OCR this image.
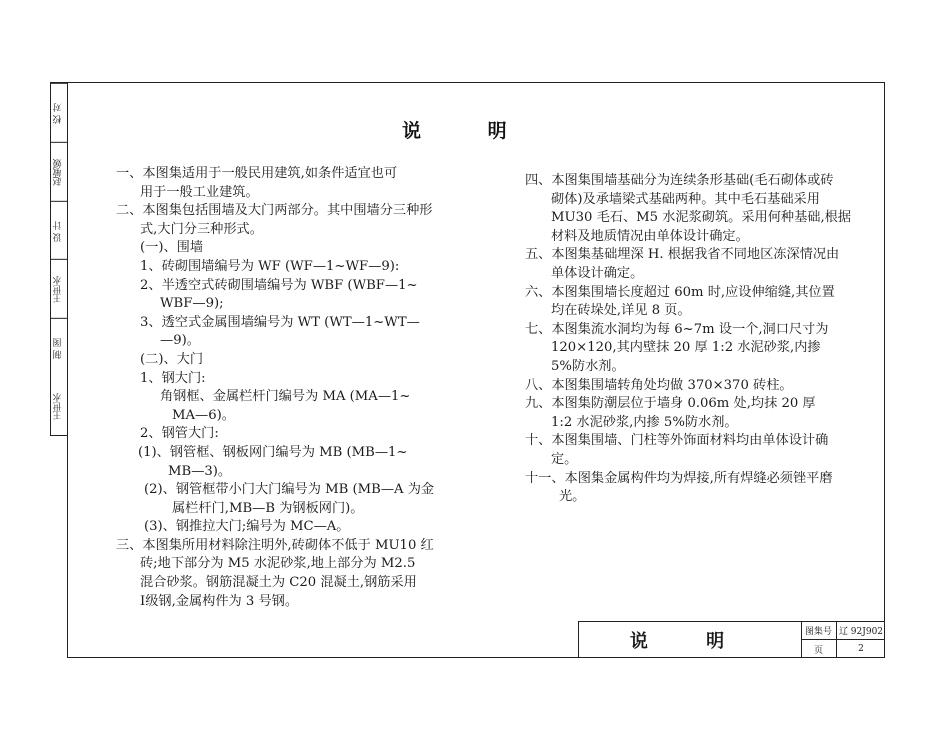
校 对
赵敏媛
设 计
王世水
制 图
王世水
说 明
一、本图集适用于一般民用建筑,如条件适宜也可
用于一般工业建筑。
二、本图集包括围墙及大门两部分。其中围墙分三种形
式,大门分三种形式。
(一)、围墙
1、砖砌围墙编号为 WF (WF—1~WF—9):
2、半透空式砖砌围墙编号为 WBF (WBF—1~
WBF—9);
3、透空式金属围墙编号为 WT (WT—1~WT—
—9)。
(二)、大门
1、钢大门:
角钢框、金属栏杆门编号为 MA (MA—1~
MA—6)。
2、钢管大门:
(1)、钢管框、钢板网门编号为 MB (MB—1~
MB—3)。
(2)、钢管框带小门大门编号为 MB (MB—A 为金
属栏杆门,MB—B 为钢板网门)。
(3)、钢推拉大门;编号为 MC—A。
三、本图集所用材料除注明外,砖砌体不低于 MU10 红
砖;地下部分为 M5 水泥砂浆,地上部分为 M2.5
混合砂浆。钢筋混凝土为 C20 混凝土,钢筋采用
Ⅰ级钢,金属构件为 3 号钢。
四、本图集围墙基础分为连续条形基础(毛石砌体或砖
砌体)及承墙梁式基础两种。其中毛石基础采用
MU30 毛石、M5 水泥浆砌筑。采用何种基础,根据
材料及地质情况由单体设计确定。
五、本图集基础埋深 H. 根据我省不同地区冻深情况由
单体设计确定。
六、本图集围墙长度超过 60m 时,应设伸缩缝,其位置
均在砖垛处,详见 8 页。
七、本图集流水洞均为每 6~7m 设一个,洞口尺寸为
120×120,其内壁抹 20 厚 1:2 水泥砂浆,内掺
5%防水剂。
八、本图集围墙转角处均做 370×370 砖柱。
九、本图集防潮层位于墙身 0.06m 处,均抹 20 厚
1:2 水泥砂浆,内掺 5%防水剂。
十、本图集围墙、门柱等外饰面材料均由单体设计确
定。
十一、本图集金属构件均为焊接,所有焊缝必须锉平磨
光。
说 明	图集号 辽 92J902
页	2
